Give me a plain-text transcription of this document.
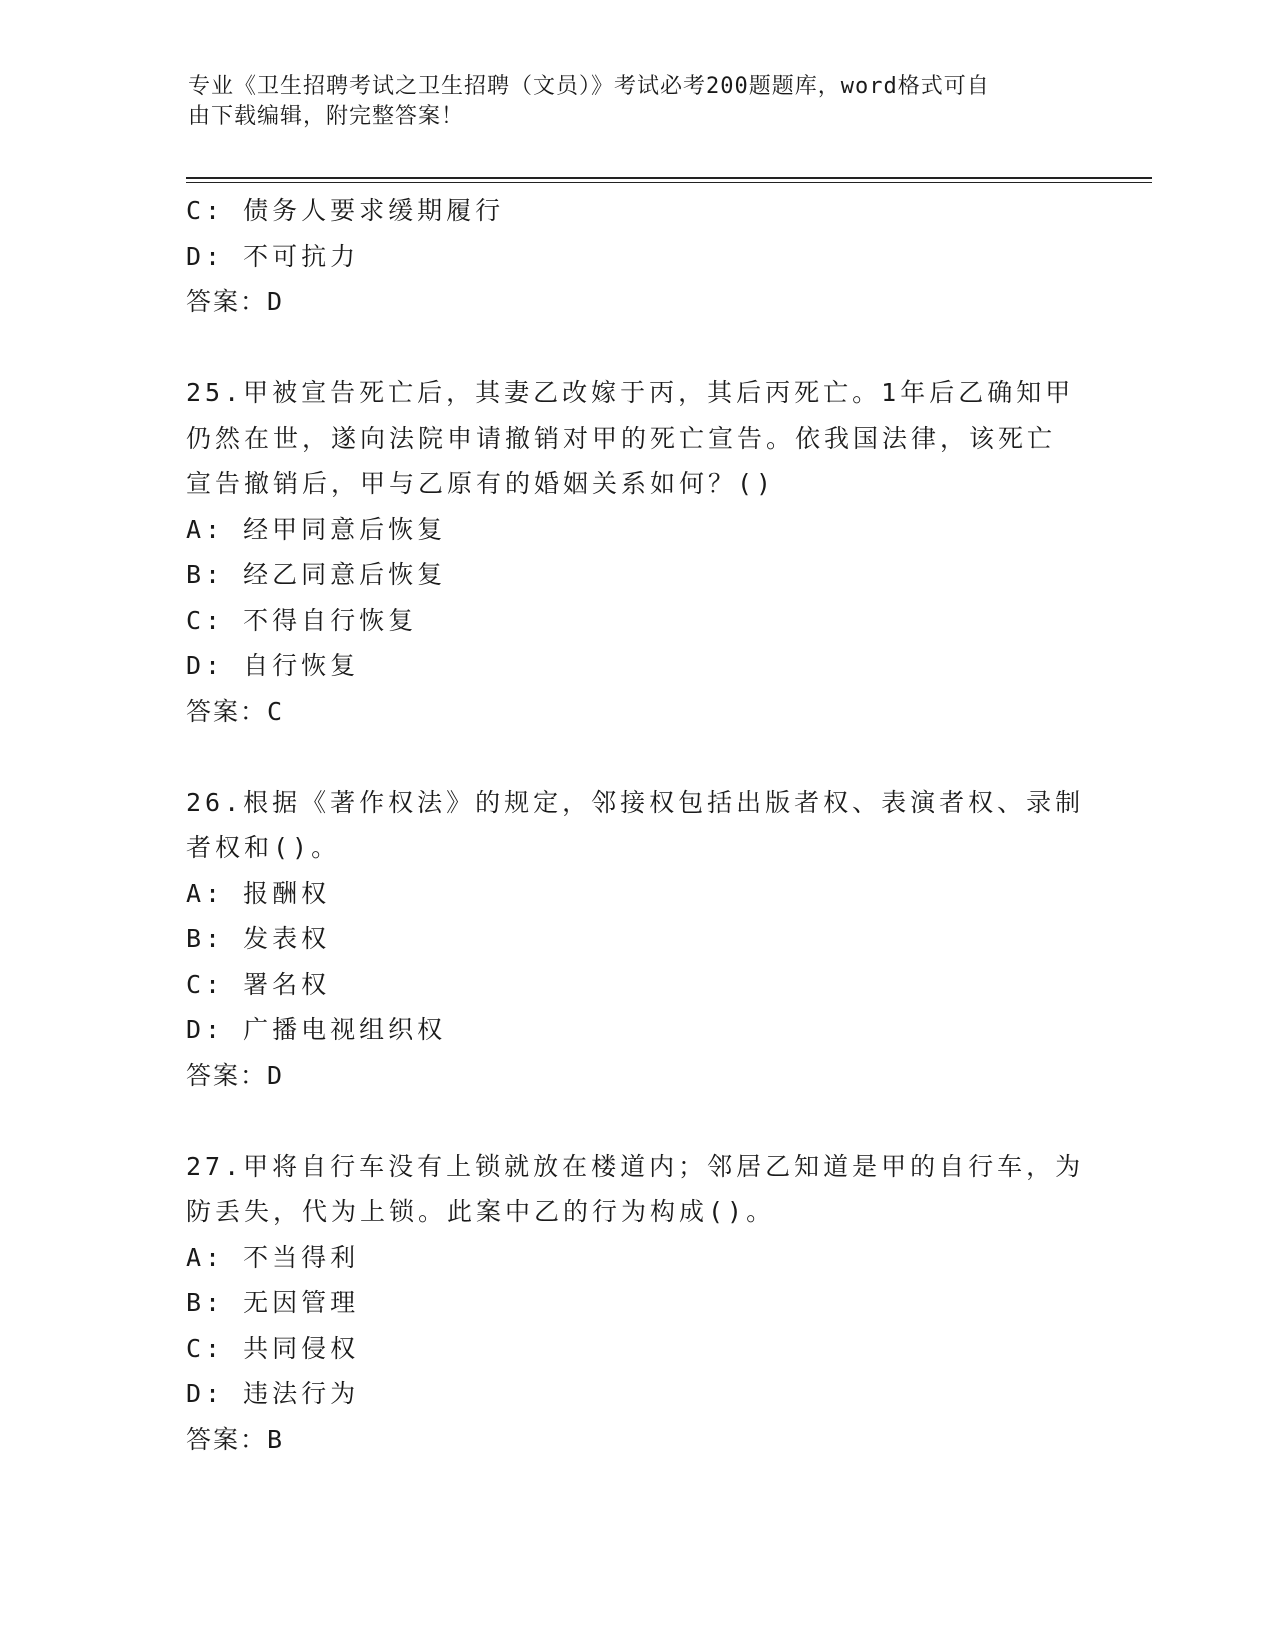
专业《卫生招聘考试之卫生招聘（文员）》考试必考200题题库，word格式可自
由下载编辑，附完整答案！

C: 债务人要求缓期履行

D: 不可抗力

答案：D

25.甲被宣告死亡后，其妻乙改嫁于丙，其后丙死亡。1年后乙确知甲

仍然在世，遂向法院申请撤销对甲的死亡宣告。依我国法律，该死亡

宣告撤销后，甲与乙原有的婚姻关系如何？()

A: 经甲同意后恢复

B: 经乙同意后恢复

C: 不得自行恢复

D: 自行恢复

答案：C

26.根据《著作权法》的规定，邻接权包括出版者权、表演者权、录制

者权和()。

A: 报酬权

B: 发表权

C: 署名权

D: 广播电视组织权

答案：D

27.甲将自行车没有上锁就放在楼道内；邻居乙知道是甲的自行车，为

防丢失，代为上锁。此案中乙的行为构成()。

A: 不当得利

B: 无因管理

C: 共同侵权

D: 违法行为

答案：B
